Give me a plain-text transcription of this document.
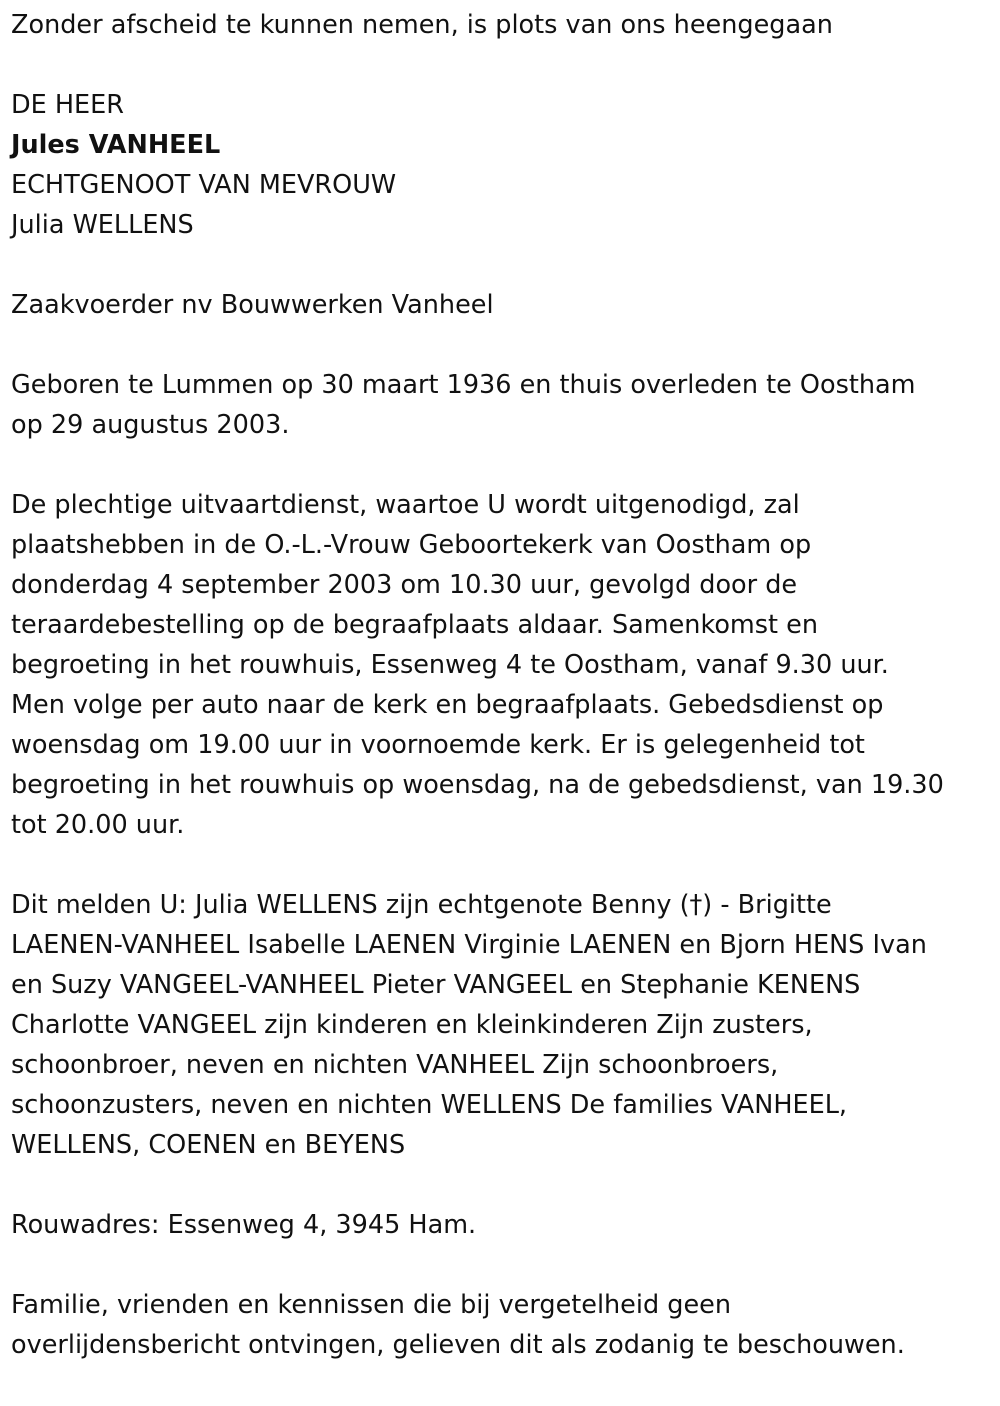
Zonder afscheid te kunnen nemen, is plots van ons heengegaan

DE HEER

Jules VANHEEL

ECHTGENOOT VAN MEVROUW

Julia WELLENS

Zaakvoerder nv Bouwwerken Vanheel

Geboren te Lummen op 30 maart 1936 en thuis overleden te Oostham

op 29 augustus 2003.

De plechtige uitvaartdienst, waartoe U wordt uitgenodigd, zal

plaatshebben in de O.-L.-Vrouw Geboortekerk van Oostham op

donderdag 4 september 2003 om 10.30 uur, gevolgd door de

teraardebestelling op de begraafplaats aldaar. Samenkomst en

begroeting in het rouwhuis, Essenweg 4 te Oostham, vanaf 9.30 uur.

Men volge per auto naar de kerk en begraafplaats. Gebedsdienst op

woensdag om 19.00 uur in voornoemde kerk. Er is gelegenheid tot

begroeting in het rouwhuis op woensdag, na de gebedsdienst, van 19.30

tot 20.00 uur.

Dit melden U: Julia WELLENS zijn echtgenote Benny (†) - Brigitte

LAENEN-VANHEEL Isabelle LAENEN Virginie LAENEN en Bjorn HENS Ivan

en Suzy VANGEEL-VANHEEL Pieter VANGEEL en Stephanie KENENS

Charlotte VANGEEL zijn kinderen en kleinkinderen Zijn zusters,

schoonbroer, neven en nichten VANHEEL Zijn schoonbroers,

schoonzusters, neven en nichten WELLENS De families VANHEEL,

WELLENS, COENEN en BEYENS

Rouwadres: Essenweg 4, 3945 Ham.

Familie, vrienden en kennissen die bij vergetelheid geen

overlijdensbericht ontvingen, gelieven dit als zodanig te beschouwen.
